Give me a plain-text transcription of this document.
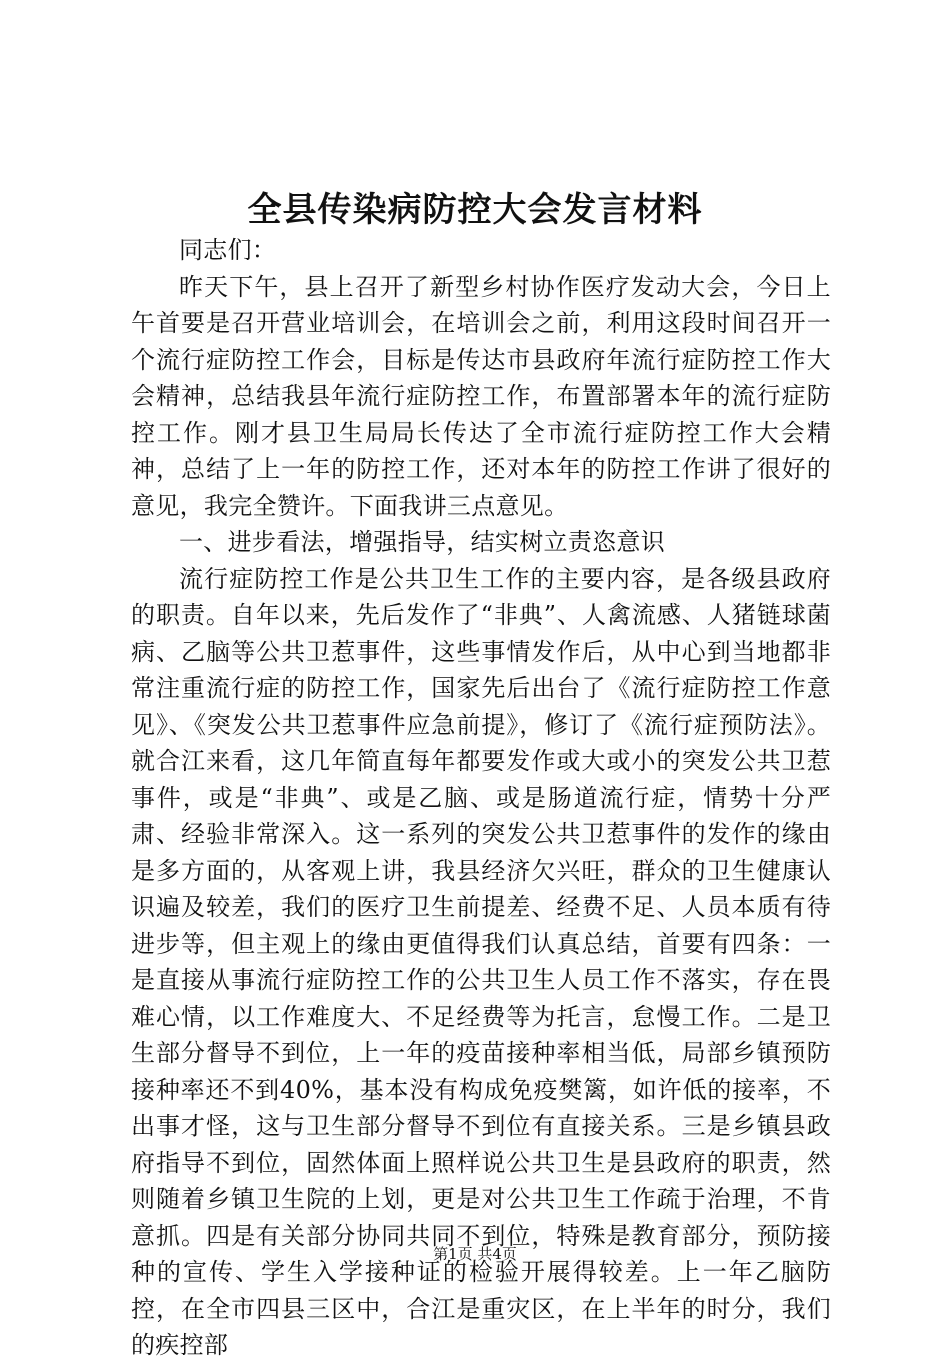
全县传染病防控大会发言材料

同志们：

昨天下午，县上召开了新型乡村协作医疗发动大会，今日上午首要是召开营业培训会，在培训会之前，利用这段时间召开一个流行症防控工作会，目标是传达市县政府年流行症防控工作大会精神，总结我县年流行症防控工作，布置部署本年的流行症防控工作。刚才县卫生局局长传达了全市流行症防控工作大会精神，总结了上一年的防控工作，还对本年的防控工作讲了很好的意见，我完全赞许。下面我讲三点意见。

一、进步看法，增强指导，结实树立责恣意识

流行症防控工作是公共卫生工作的主要内容，是各级县政府的职责。自年以来，先后发作了“非典”、人禽流感、人猪链球菌病、乙脑等公共卫惹事件，这些事情发作后，从中心到当地都非常注重流行症的防控工作，国家先后出台了《流行症防控工作意见》、《突发公共卫惹事件应急前提》，修订了《流行症预防法》。就合江来看，这几年简直每年都要发作或大或小的突发公共卫惹事件，或是“非典”、或是乙脑、或是肠道流行症，情势十分严肃、经验非常深入。这一系列的突发公共卫惹事件的发作的缘由是多方面的，从客观上讲，我县经济欠兴旺，群众的卫生健康认识遍及较差，我们的医疗卫生前提差、经费不足、人员本质有待进步等，但主观上的缘由更值得我们认真总结，首要有四条：一是直接从事流行症防控工作的公共卫生人员工作不落实，存在畏难心情，以工作难度大、不足经费等为托言，怠慢工作。二是卫生部分督导不到位，上一年的疫苗接种率相当低，局部乡镇预防接种率还不到40%，基本没有构成免疫樊篱，如许低的接率，不出事才怪，这与卫生部分督导不到位有直接关系。三是乡镇县政府指导不到位，固然体面上照样说公共卫生是县政府的职责，然则随着乡镇卫生院的上划，更是对公共卫生工作疏于治理，不肯意抓。四是有关部分协同共同不到位，特殊是教育部分，预防接种的宣传、学生入学接种证的检验开展得较差。上一年乙脑防控，在全市四县三区中，合江是重灾区，在上半年的时分，我们的疾控部

第1页 共4页
